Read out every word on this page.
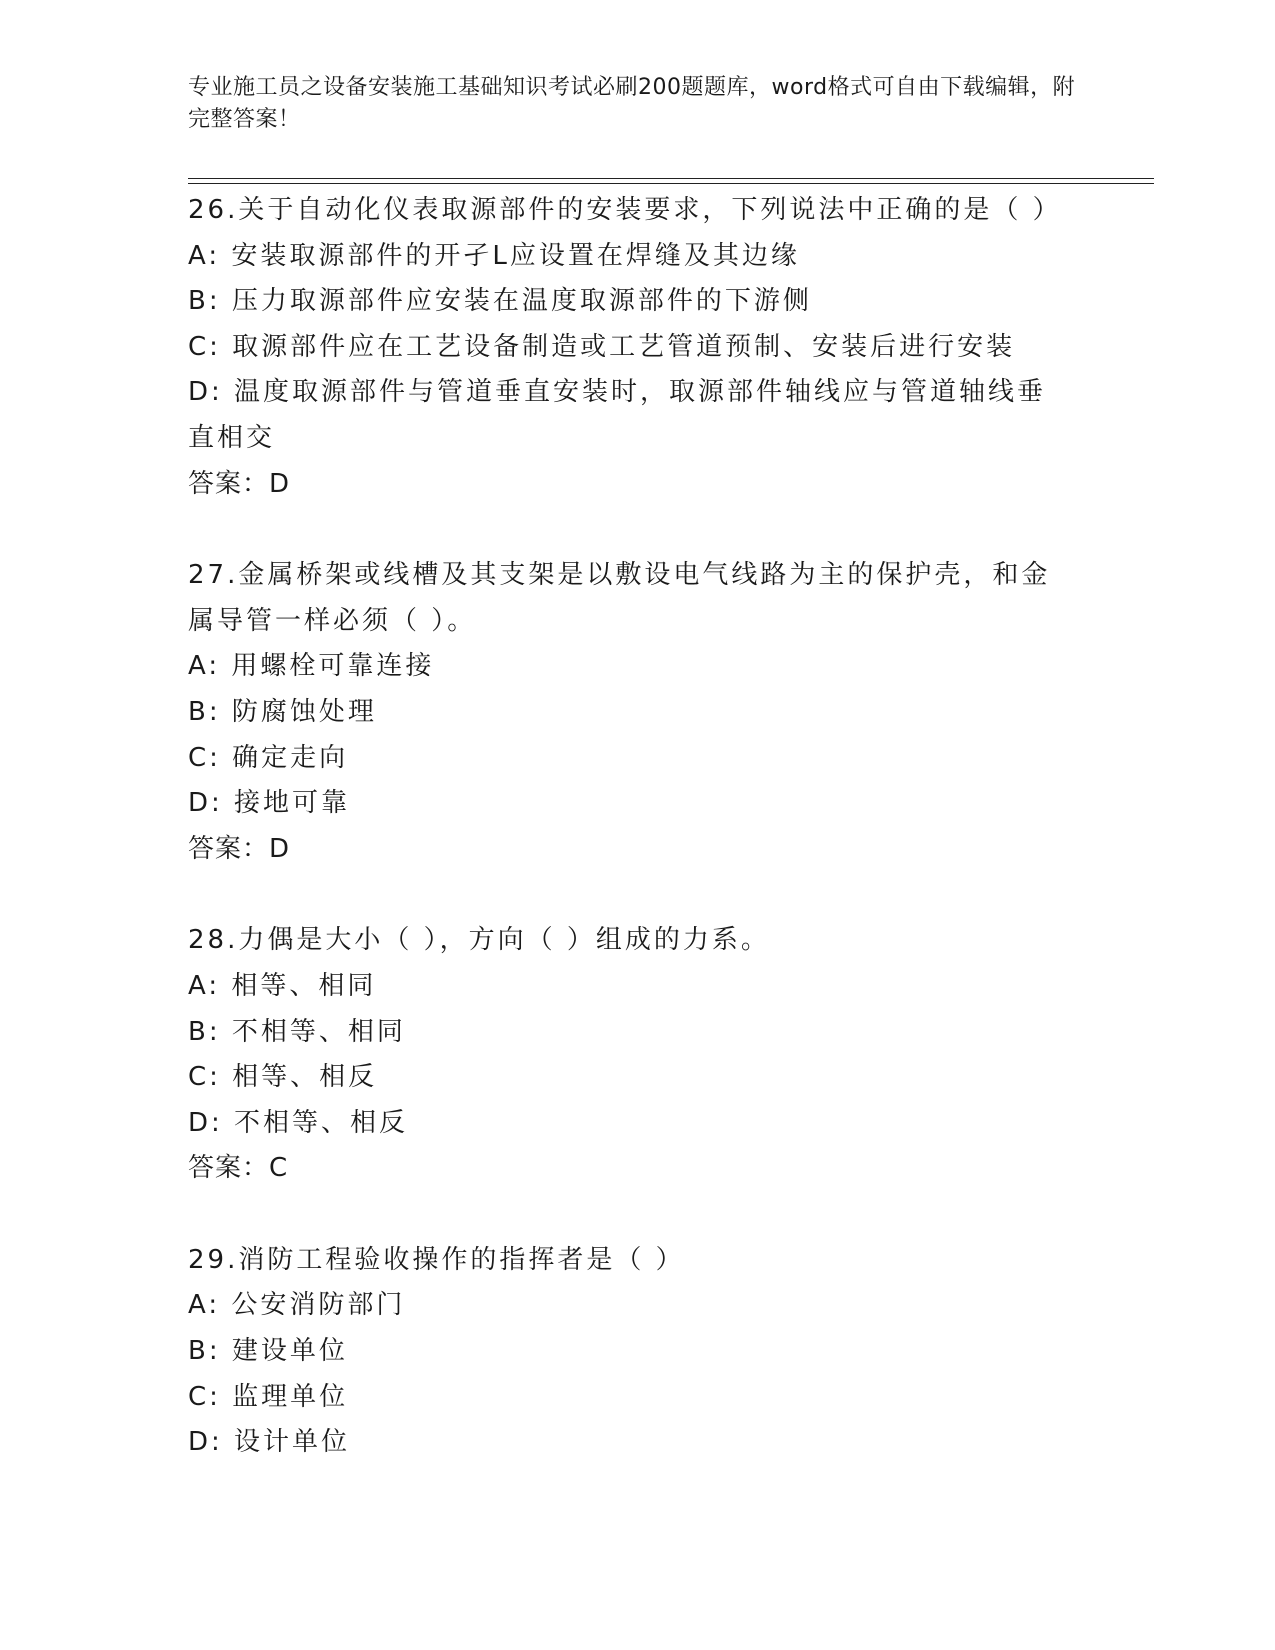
专业施工员之设备安装施工基础知识考试必刷200题题库，word格式可自由下载编辑，附完整答案！
26.关于自动化仪表取源部件的安装要求，下列说法中正确的是（ ）
A: 安装取源部件的开孑L应设置在焊缝及其边缘
B: 压力取源部件应安装在温度取源部件的下游侧
C: 取源部件应在工艺设备制造或工艺管道预制、安装后进行安装
D: 温度取源部件与管道垂直安装时，取源部件轴线应与管道轴线垂直相交
答案：D
27.金属桥架或线槽及其支架是以敷设电气线路为主的保护壳，和金属导管一样必须（ ）。
A: 用螺栓可靠连接
B: 防腐蚀处理
C: 确定走向
D: 接地可靠
答案：D
28.力偶是大小（ ），方向（ ）组成的力系。
A: 相等、相同
B: 不相等、相同
C: 相等、相反
D: 不相等、相反
答案：C
29.消防工程验收操作的指挥者是（ ）
A: 公安消防部门
B: 建设单位
C: 监理单位
D: 设计单位
